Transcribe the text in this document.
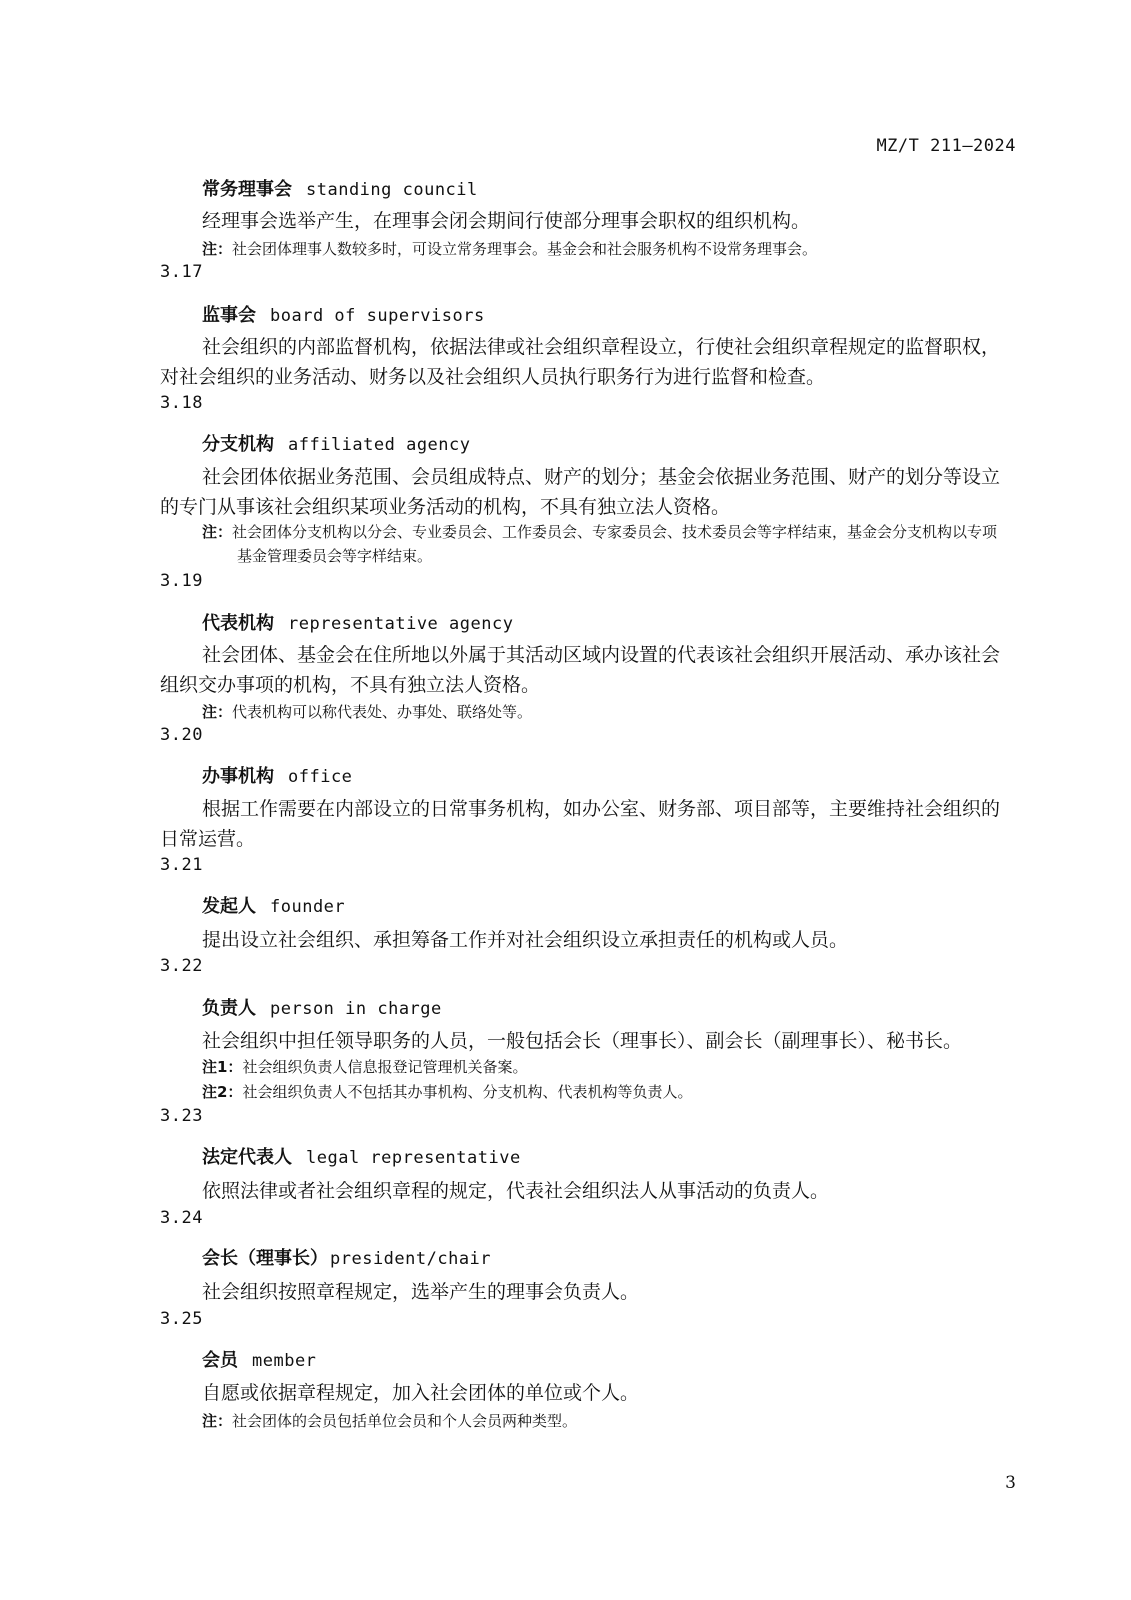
MZ/T 211—2024
常务理事会 standing council
经理事会选举产生，在理事会闭会期间行使部分理事会职权的组织机构。
注：社会团体理事人数较多时，可设立常务理事会。基金会和社会服务机构不设常务理事会。
3.17
监事会 board of supervisors
社会组织的内部监督机构，依据法律或社会组织章程设立，行使社会组织章程规定的监督职权，对社会组织的业务活动、财务以及社会组织人员执行职务行为进行监督和检查。
3.18
分支机构 affiliated agency
社会团体依据业务范围、会员组成特点、财产的划分；基金会依据业务范围、财产的划分等设立的专门从事该社会组织某项业务活动的机构，不具有独立法人资格。
注：社会团体分支机构以分会、专业委员会、工作委员会、专家委员会、技术委员会等字样结束，基金会分支机构以专项基金管理委员会等字样结束。
3.19
代表机构 representative agency
社会团体、基金会在住所地以外属于其活动区域内设置的代表该社会组织开展活动、承办该社会组织交办事项的机构，不具有独立法人资格。
注：代表机构可以称代表处、办事处、联络处等。
3.20
办事机构 office
根据工作需要在内部设立的日常事务机构，如办公室、财务部、项目部等，主要维持社会组织的日常运营。
3.21
发起人 founder
提出设立社会组织、承担筹备工作并对社会组织设立承担责任的机构或人员。
3.22
负责人 person in charge
社会组织中担任领导职务的人员，一般包括会长（理事长）、副会长（副理事长）、秘书长。
注1：社会组织负责人信息报登记管理机关备案。
注2：社会组织负责人不包括其办事机构、分支机构、代表机构等负责人。
3.23
法定代表人 legal representative
依照法律或者社会组织章程的规定，代表社会组织法人从事活动的负责人。
3.24
会长（理事长） president/chair
社会组织按照章程规定，选举产生的理事会负责人。
3.25
会员 member
自愿或依据章程规定，加入社会团体的单位或个人。
注：社会团体的会员包括单位会员和个人会员两种类型。
3
